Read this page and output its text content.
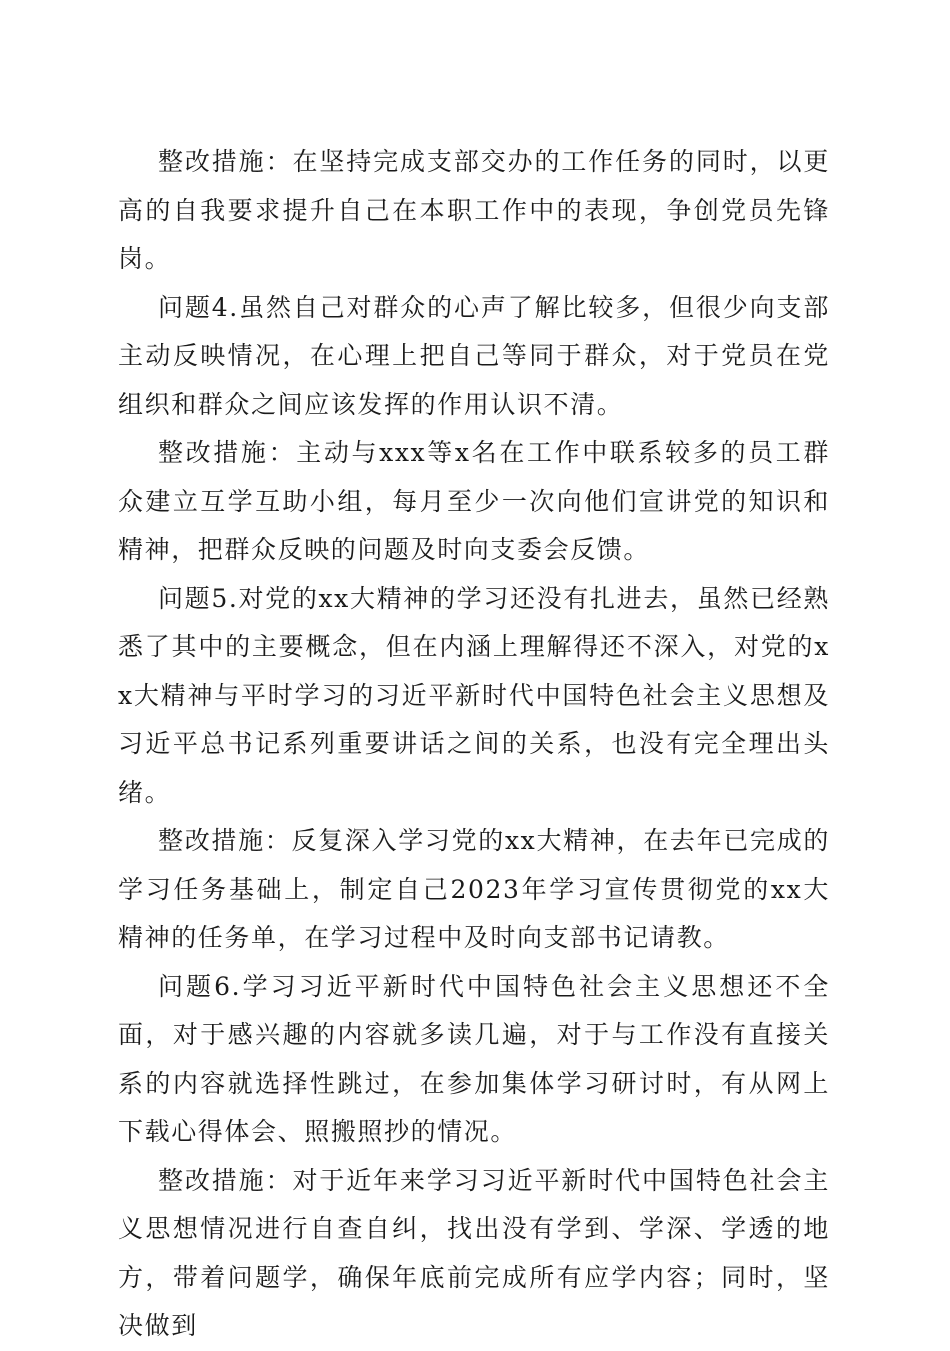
整改措施：在坚持完成支部交办的工作任务的同时，以更高的自我要求提升自己在本职工作中的表现，争创党员先锋岗。

问题4.虽然自己对群众的心声了解比较多，但很少向支部主动反映情况，在心理上把自己等同于群众，对于党员在党组织和群众之间应该发挥的作用认识不清。

整改措施：主动与xxx等x名在工作中联系较多的员工群众建立互学互助小组，每月至少一次向他们宣讲党的知识和精神，把群众反映的问题及时向支委会反馈。

问题5.对党的xx大精神的学习还没有扎进去，虽然已经熟悉了其中的主要概念，但在内涵上理解得还不深入，对党的xx大精神与平时学习的习近平新时代中国特色社会主义思想及习近平总书记系列重要讲话之间的关系，也没有完全理出头绪。

整改措施：反复深入学习党的xx大精神，在去年已完成的学习任务基础上，制定自己2023年学习宣传贯彻党的xx大精神的任务单，在学习过程中及时向支部书记请教。

问题6.学习习近平新时代中国特色社会主义思想还不全面，对于感兴趣的内容就多读几遍，对于与工作没有直接关系的内容就选择性跳过，在参加集体学习研讨时，有从网上下载心得体会、照搬照抄的情况。

整改措施：对于近年来学习习近平新时代中国特色社会主义思想情况进行自查自纠，找出没有学到、学深、学透的地方，带着问题学，确保年底前完成所有应学内容；同时，坚决做到
